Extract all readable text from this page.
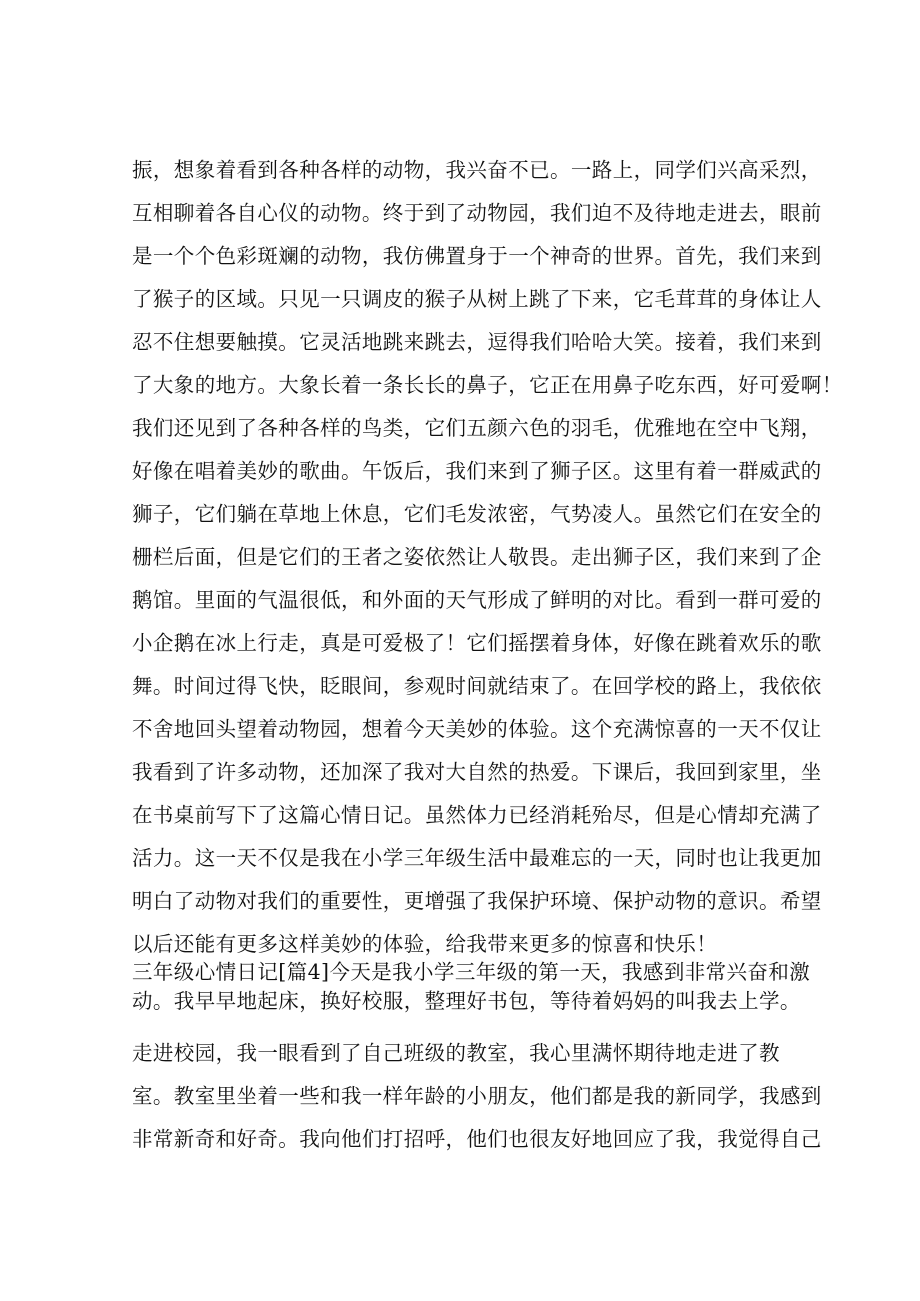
振，想象着看到各种各样的动物，我兴奋不已。一路上，同学们兴高采烈，

互相聊着各自心仪的动物。终于到了动物园，我们迫不及待地走进去，眼前

是一个个色彩斑斓的动物，我仿佛置身于一个神奇的世界。首先，我们来到

了猴子的区域。只见一只调皮的猴子从树上跳了下来，它毛茸茸的身体让人

忍不住想要触摸。它灵活地跳来跳去，逗得我们哈哈大笑。接着，我们来到

了大象的地方。大象长着一条长长的鼻子，它正在用鼻子吃东西，好可爱啊！

我们还见到了各种各样的鸟类，它们五颜六色的羽毛，优雅地在空中飞翔，

好像在唱着美妙的歌曲。午饭后，我们来到了狮子区。这里有着一群威武的

狮子，它们躺在草地上休息，它们毛发浓密，气势凌人。虽然它们在安全的

栅栏后面，但是它们的王者之姿依然让人敬畏。走出狮子区，我们来到了企

鹅馆。里面的气温很低，和外面的天气形成了鲜明的对比。看到一群可爱的

小企鹅在冰上行走，真是可爱极了！它们摇摆着身体，好像在跳着欢乐的歌

舞。时间过得飞快，眨眼间，参观时间就结束了。在回学校的路上，我依依

不舍地回头望着动物园，想着今天美妙的体验。这个充满惊喜的一天不仅让

我看到了许多动物，还加深了我对大自然的热爱。下课后，我回到家里，坐

在书桌前写下了这篇心情日记。虽然体力已经消耗殆尽，但是心情却充满了

活力。这一天不仅是我在小学三年级生活中最难忘的一天，同时也让我更加

明白了动物对我们的重要性，更增强了我保护环境、保护动物的意识。希望

以后还能有更多这样美妙的体验，给我带来更多的惊喜和快乐！

三年级心情日记[篇4]今天是我小学三年级的第一天，我感到非常兴奋和激

动。我早早地起床，换好校服，整理好书包，等待着妈妈的叫我去上学。

走进校园，我一眼看到了自己班级的教室，我心里满怀期待地走进了教

室。教室里坐着一些和我一样年龄的小朋友，他们都是我的新同学，我感到

非常新奇和好奇。我向他们打招呼，他们也很友好地回应了我，我觉得自己
